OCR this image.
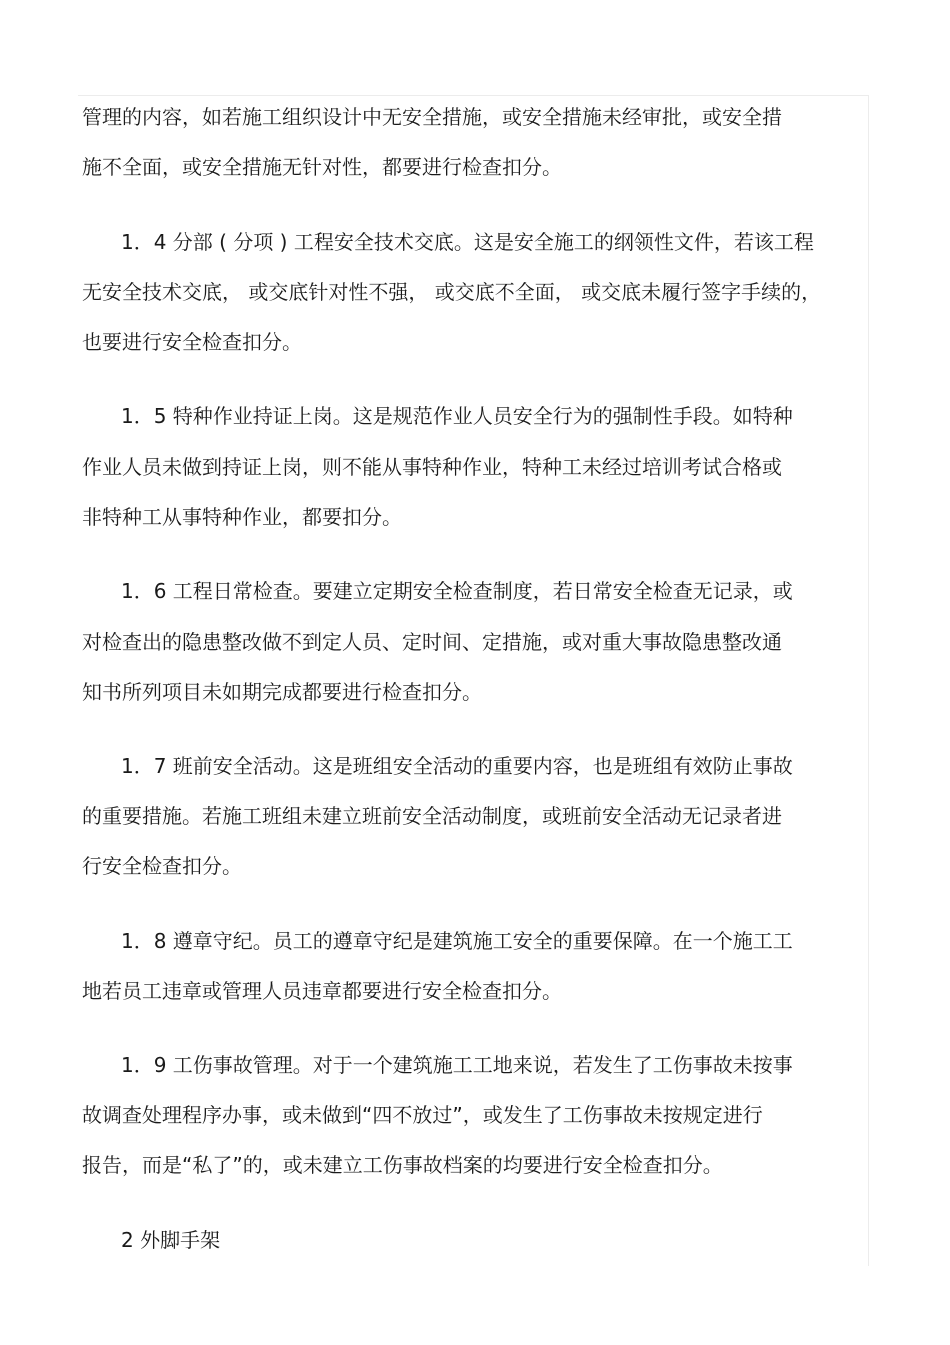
管理的内容，如若施工组织设计中无安全措施，或安全措施未经审批，或安全措
施不全面，或安全措施无针对性，都要进行检查扣分。
1．4 分部 ( 分项 ) 工程安全技术交底。这是安全施工的纲领性文件，若该工程
无安全技术交底， 或交底针对性不强， 或交底不全面， 或交底未履行签字手续的，
也要进行安全检查扣分。
1．5 特种作业持证上岗。这是规范作业人员安全行为的强制性手段。如特种
作业人员未做到持证上岗，则不能从事特种作业，特种工未经过培训考试合格或
非特种工从事特种作业，都要扣分。
1．6 工程日常检查。要建立定期安全检查制度，若日常安全检查无记录，或
对检查出的隐患整改做不到定人员、定时间、定措施，或对重大事故隐患整改通
知书所列项目未如期完成都要进行检查扣分。
1．7 班前安全活动。这是班组安全活动的重要内容，也是班组有效防止事故
的重要措施。若施工班组未建立班前安全活动制度，或班前安全活动无记录者进
行安全检查扣分。
1．8 遵章守纪。员工的遵章守纪是建筑施工安全的重要保障。在一个施工工
地若员工违章或管理人员违章都要进行安全检查扣分。
1．9 工伤事故管理。对于一个建筑施工工地来说，若发生了工伤事故未按事
故调查处理程序办事，或未做到“四不放过”，或发生了工伤事故未按规定进行
报告，而是“私了”的，或未建立工伤事故档案的均要进行安全检查扣分。
2 外脚手架
